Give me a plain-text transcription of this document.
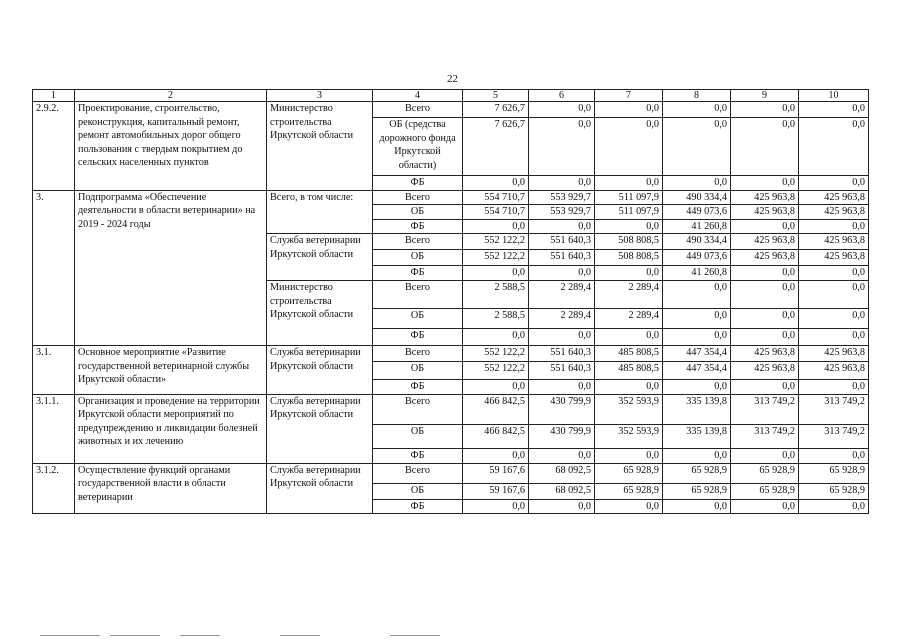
22
1	2	3	4	5	6	7	8	9	10
2.9.2.	Проектирование, строительство, реконструкция, капитальный ремонт, ремонт автомобильных дорог общего пользования с твердым покрытием до сельских населенных пунктов	Министерство строительства Иркутской области	Всего	7 626,7	0,0	0,0	0,0	0,0	0,0
			ОБ (средства дорожного фонда Иркутской области)	7 626,7	0,0	0,0	0,0	0,0	0,0
			ФБ	0,0	0,0	0,0	0,0	0,0	0,0
3.	Подпрограмма «Обеспечение деятельности в области ветеринарии» на 2019 - 2024 годы	Всего, в том числе:	Всего	554 710,7	553 929,7	511 097,9	490 334,4	425 963,8	425 963,8
			ОБ	554 710,7	553 929,7	511 097,9	449 073,6	425 963,8	425 963,8
			ФБ	0,0	0,0	0,0	41 260,8	0,0	0,0
		Служба ветеринарии Иркутской области	Всего	552 122,2	551 640,3	508 808,5	490 334,4	425 963,8	425 963,8
			ОБ	552 122,2	551 640,3	508 808,5	449 073,6	425 963,8	425 963,8
			ФБ	0,0	0,0	0,0	41 260,8	0,0	0,0
		Министерство строительства Иркутской области	Всего	2 588,5	2 289,4	2 289,4	0,0	0,0	0,0
			ОБ	2 588,5	2 289,4	2 289,4	0,0	0,0	0,0
			ФБ	0,0	0,0	0,0	0,0	0,0	0,0
3.1.	Основное мероприятие «Развитие государственной ветеринарной службы Иркутской области»	Служба ветеринарии Иркутской области	Всего	552 122,2	551 640,3	485 808,5	447 354,4	425 963,8	425 963,8
			ОБ	552 122,2	551 640,3	485 808,5	447 354,4	425 963,8	425 963,8
			ФБ	0,0	0,0	0,0	0,0	0,0	0,0
3.1.1.	Организация и проведение на территории Иркутской области мероприятий по предупреждению и ликвидации болезней животных и их лечению	Служба ветеринарии Иркутской области	Всего	466 842,5	430 799,9	352 593,9	335 139,8	313 749,2	313 749,2
			ОБ	466 842,5	430 799,9	352 593,9	335 139,8	313 749,2	313 749,2
			ФБ	0,0	0,0	0,0	0,0	0,0	0,0
3.1.2.	Осуществление функций органами государственной власти в области ветеринарии	Служба ветеринарии Иркутской области	Всего	59 167,6	68 092,5	65 928,9	65 928,9	65 928,9	65 928,9
			ОБ	59 167,6	68 092,5	65 928,9	65 928,9	65 928,9	65 928,9
			ФБ	0,0	0,0	0,0	0,0	0,0	0,0
